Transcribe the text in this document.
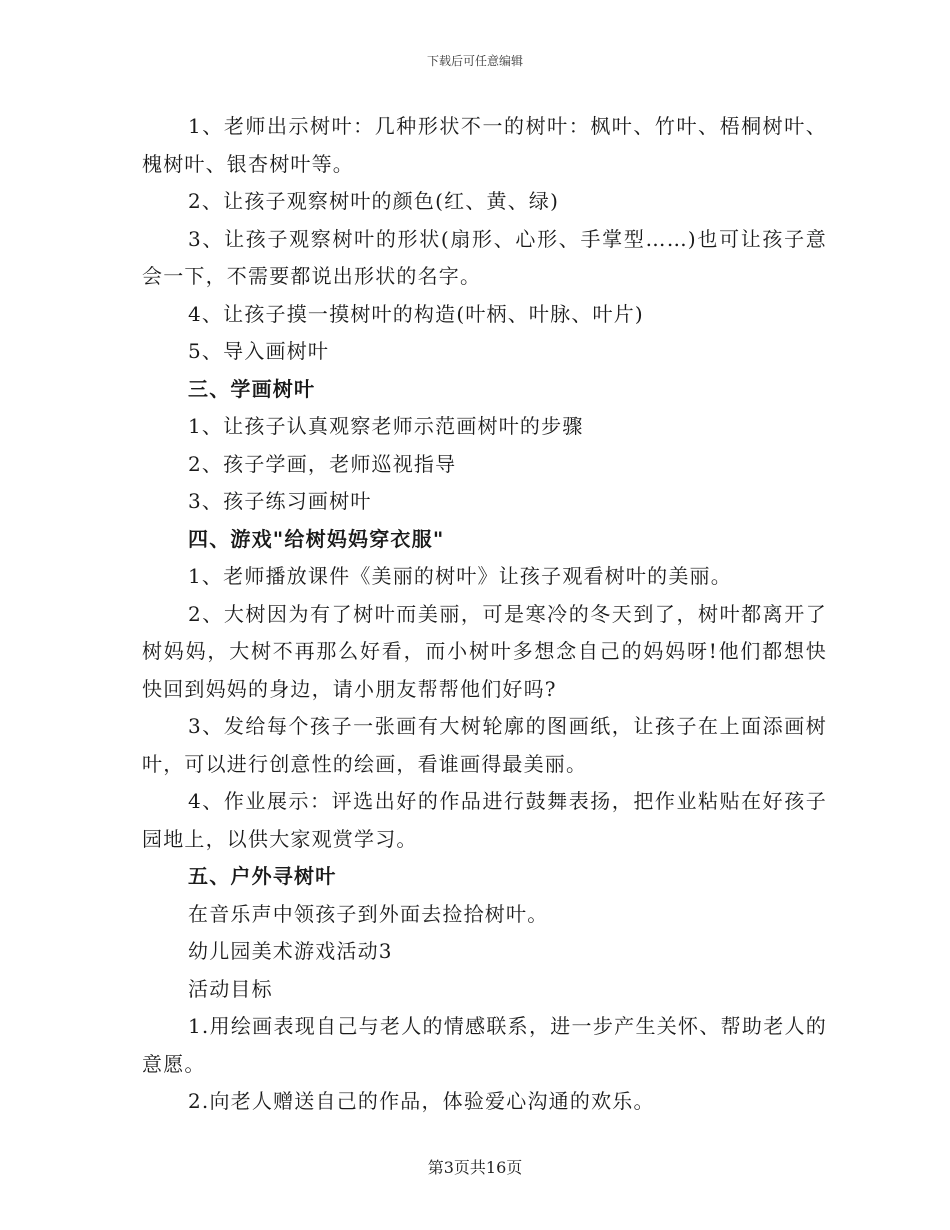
下载后可任意编辑

1、老师出示树叶：几种形状不一的树叶：枫叶、竹叶、梧桐树叶、槐树叶、银杏树叶等。

2、让孩子观察树叶的颜色(红、黄、绿)

3、让孩子观察树叶的形状(扇形、心形、手掌型……)也可让孩子意会一下，不需要都说出形状的名字。

4、让孩子摸一摸树叶的构造(叶柄、叶脉、叶片)

5、导入画树叶

三、学画树叶

1、让孩子认真观察老师示范画树叶的步骤

2、孩子学画，老师巡视指导

3、孩子练习画树叶

四、游戏"给树妈妈穿衣服"

1、老师播放课件《美丽的树叶》让孩子观看树叶的美丽。

2、大树因为有了树叶而美丽，可是寒冷的冬天到了，树叶都离开了树妈妈，大树不再那么好看，而小树叶多想念自己的妈妈呀!他们都想快快回到妈妈的身边，请小朋友帮帮他们好吗?

3、发给每个孩子一张画有大树轮廓的图画纸，让孩子在上面添画树叶，可以进行创意性的绘画，看谁画得最美丽。

4、作业展示：评选出好的作品进行鼓舞表扬，把作业粘贴在好孩子园地上，以供大家观赏学习。

五、户外寻树叶

在音乐声中领孩子到外面去捡拾树叶。

幼儿园美术游戏活动3

活动目标

1.用绘画表现自己与老人的情感联系，进一步产生关怀、帮助老人的意愿。

2.向老人赠送自己的作品，体验爱心沟通的欢乐。

第3页共16页
